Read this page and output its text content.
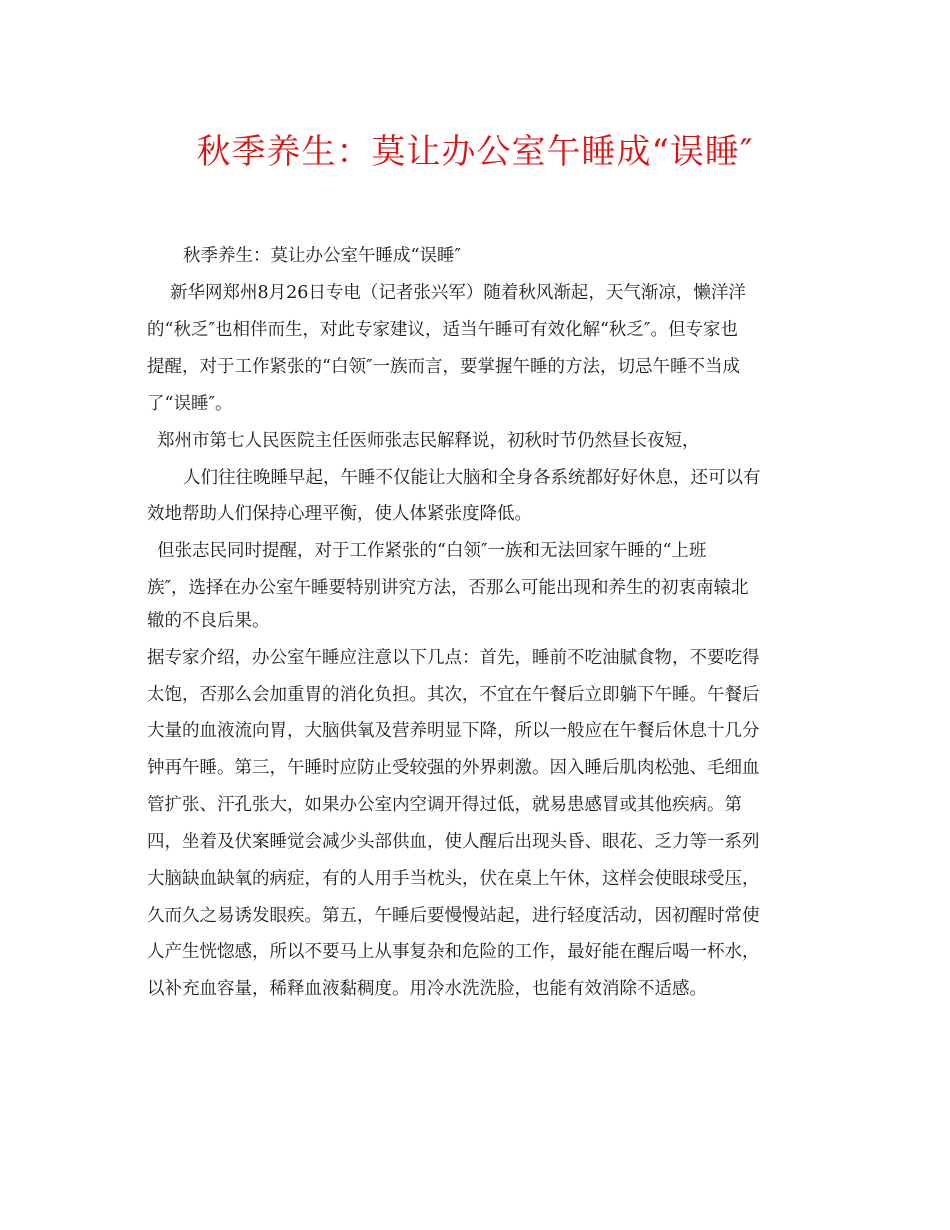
秋季养生：莫让办公室午睡成“误睡″
秋季养生：莫让办公室午睡成“误睡″
新华网郑州8月26日专电（记者张兴军）随着秋风渐起，天气渐凉，懒洋洋
的“秋乏″也相伴而生，对此专家建议，适当午睡可有效化解“秋乏″。但专家也
提醒，对于工作紧张的“白领″一族而言，要掌握午睡的方法，切忌午睡不当成
了“误睡″。
郑州市第七人民医院主任医师张志民解释说，初秋时节仍然昼长夜短，
人们往往晚睡早起，午睡不仅能让大脑和全身各系统都好好休息，还可以有
效地帮助人们保持心理平衡，使人体紧张度降低。
但张志民同时提醒，对于工作紧张的“白领″一族和无法回家午睡的“上班
族″，选择在办公室午睡要特别讲究方法，否那么可能出现和养生的初衷南辕北
辙的不良后果。
据专家介绍，办公室午睡应注意以下几点：首先，睡前不吃油腻食物，不要吃得
太饱，否那么会加重胃的消化负担。其次，不宜在午餐后立即躺下午睡。午餐后
大量的血液流向胃，大脑供氧及营养明显下降，所以一般应在午餐后休息十几分
钟再午睡。第三，午睡时应防止受较强的外界刺激。因入睡后肌肉松弛、毛细血
管扩张、汗孔张大，如果办公室内空调开得过低，就易患感冒或其他疾病。第
四，坐着及伏案睡觉会减少头部供血，使人醒后出现头昏、眼花、乏力等一系列
大脑缺血缺氧的病症，有的人用手当枕头，伏在桌上午休，这样会使眼球受压，
久而久之易诱发眼疾。第五，午睡后要慢慢站起，进行轻度活动，因初醒时常使
人产生恍惚感，所以不要马上从事复杂和危险的工作，最好能在醒后喝一杯水，
以补充血容量，稀释血液黏稠度。用冷水洗洗脸，也能有效消除不适感。
